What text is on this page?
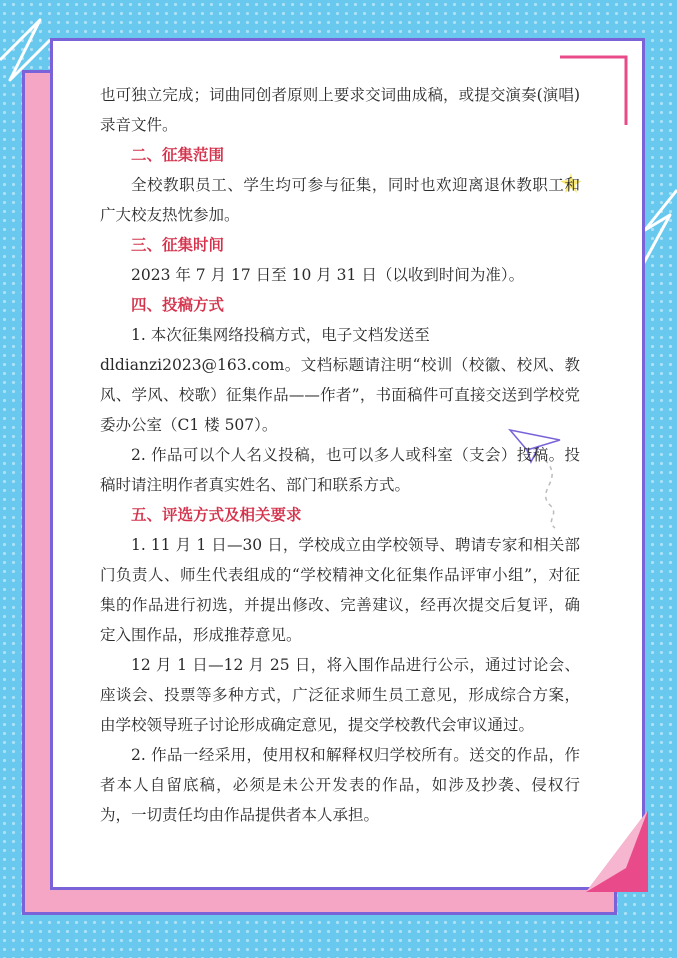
也可独立完成；词曲同创者原则上要求交词曲成稿，或提交演奏(演唱)录音文件。

二、征集范围

全校教职员工、学生均可参与征集，同时也欢迎离退休教职工和广大校友热忱参加。

三、征集时间

2023 年 7 月 17 日至 10 月 31 日（以收到时间为准）。

四、投稿方式

1. 本次征集网络投稿方式，电子文档发送至

dldianzi2023@163.com。文档标题请注明“校训（校徽、校风、教风、学风、校歌）征集作品——作者”，书面稿件可直接交送到学校党委办公室（C1 楼 507）。

2. 作品可以个人名义投稿，也可以多人或科室（支会）投稿。投稿时请注明作者真实姓名、部门和联系方式。

五、评选方式及相关要求

1. 11 月 1 日—30 日，学校成立由学校领导、聘请专家和相关部门负责人、师生代表组成的“学校精神文化征集作品评审小组”，对征集的作品进行初选，并提出修改、完善建议，经再次提交后复评，确定入围作品，形成推荐意见。

12 月 1 日—12 月 25 日，将入围作品进行公示，通过讨论会、座谈会、投票等多种方式，广泛征求师生员工意见，形成综合方案，由学校领导班子讨论形成确定意见，提交学校教代会审议通过。

2. 作品一经采用，使用权和解释权归学校所有。送交的作品，作者本人自留底稿，必须是未公开发表的作品，如涉及抄袭、侵权行为，一切责任均由作品提供者本人承担。
